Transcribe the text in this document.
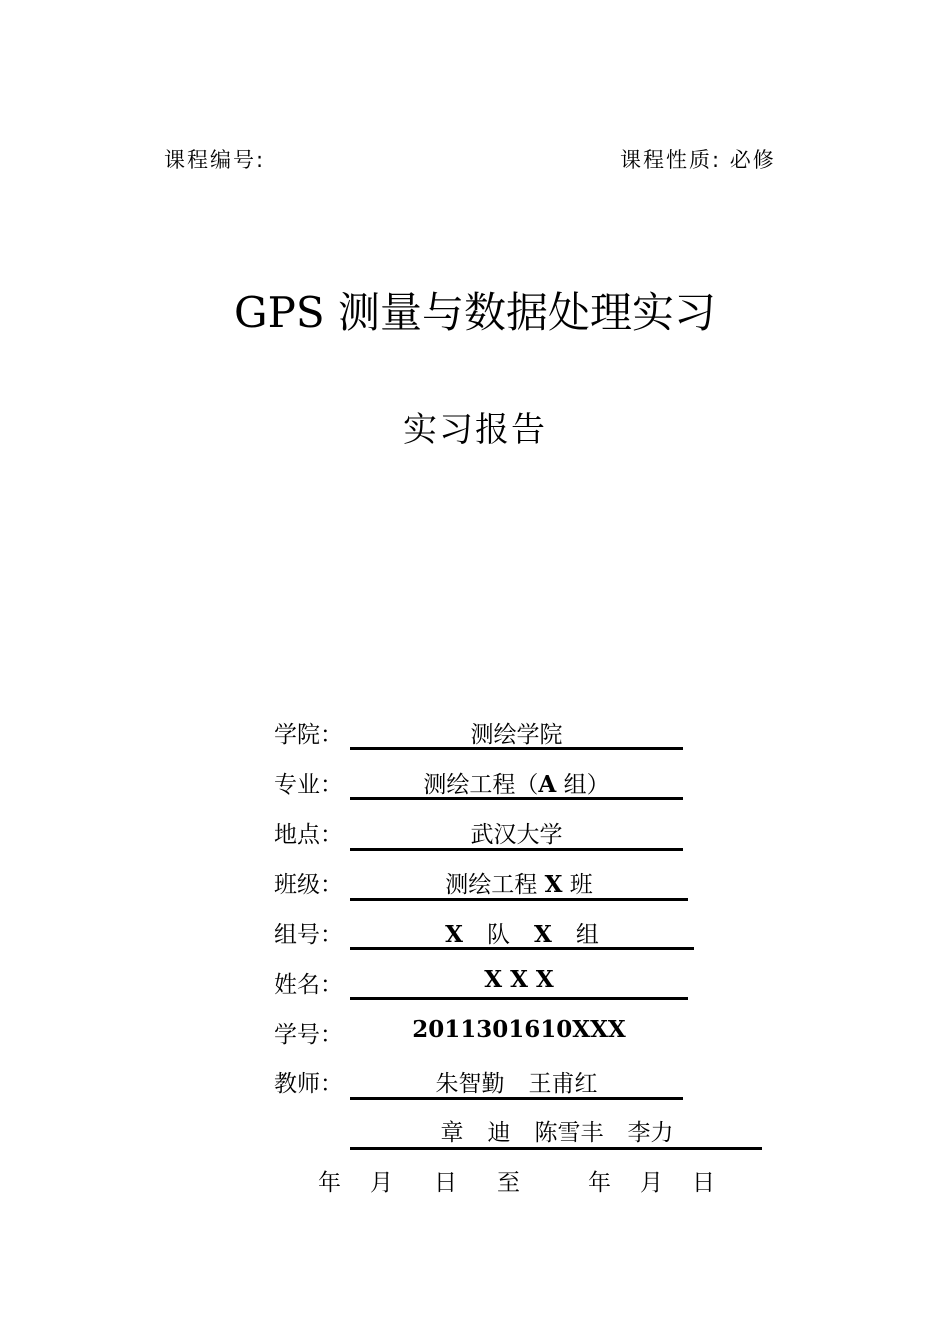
课程编号:	课程性质: 必修
GPS 测量与数据处理实习
实习报告
学院：	测绘学院
专业：	测绘工程（A 组）
地点：	武汉大学
班级：	测绘工程 X 班
组号：	X 队 X 组
姓名：	X X X
学号：	2011301610XXX
教师：	朱智勤 王甫红
章 迪 陈雪丰 李力
年 月 日 至	年 月 日
